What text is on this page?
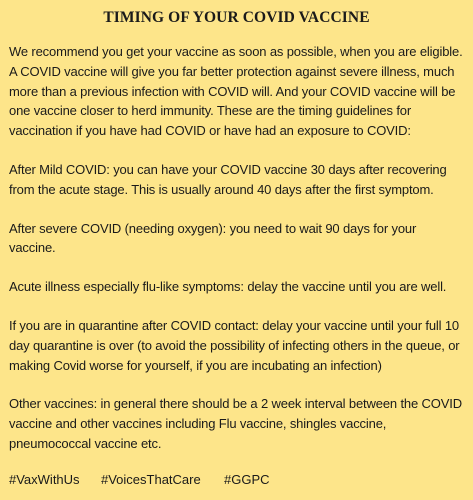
TIMING OF YOUR COVID VACCINE

We recommend you get your vaccine as soon as possible, when you are eligible. A COVID vaccine will give you far better protection against severe illness, much more than a previous infection with COVID will. And your COVID vaccine will be one vaccine closer to herd immunity. These are the timing guidelines for vaccination if you have had COVID or have had an exposure to COVID:

After Mild COVID: you can have your COVID vaccine 30 days after recovering from the acute stage. This is usually around 40 days after the first symptom.

After severe COVID (needing oxygen): you need to wait 90 days for your vaccine.

Acute illness especially flu-like symptoms: delay the vaccine until you are well.

If you are in quarantine after COVID contact: delay your vaccine until your full 10 day quarantine is over (to avoid the possibility of infecting others in the queue, or making Covid worse for yourself, if you are incubating an infection)

Other vaccines: in general there should be a 2 week interval between the COVID vaccine and other vaccines including Flu vaccine, shingles vaccine, pneumococcal vaccine etc.

#VaxWithUs #VoicesThatCare #GGPC
